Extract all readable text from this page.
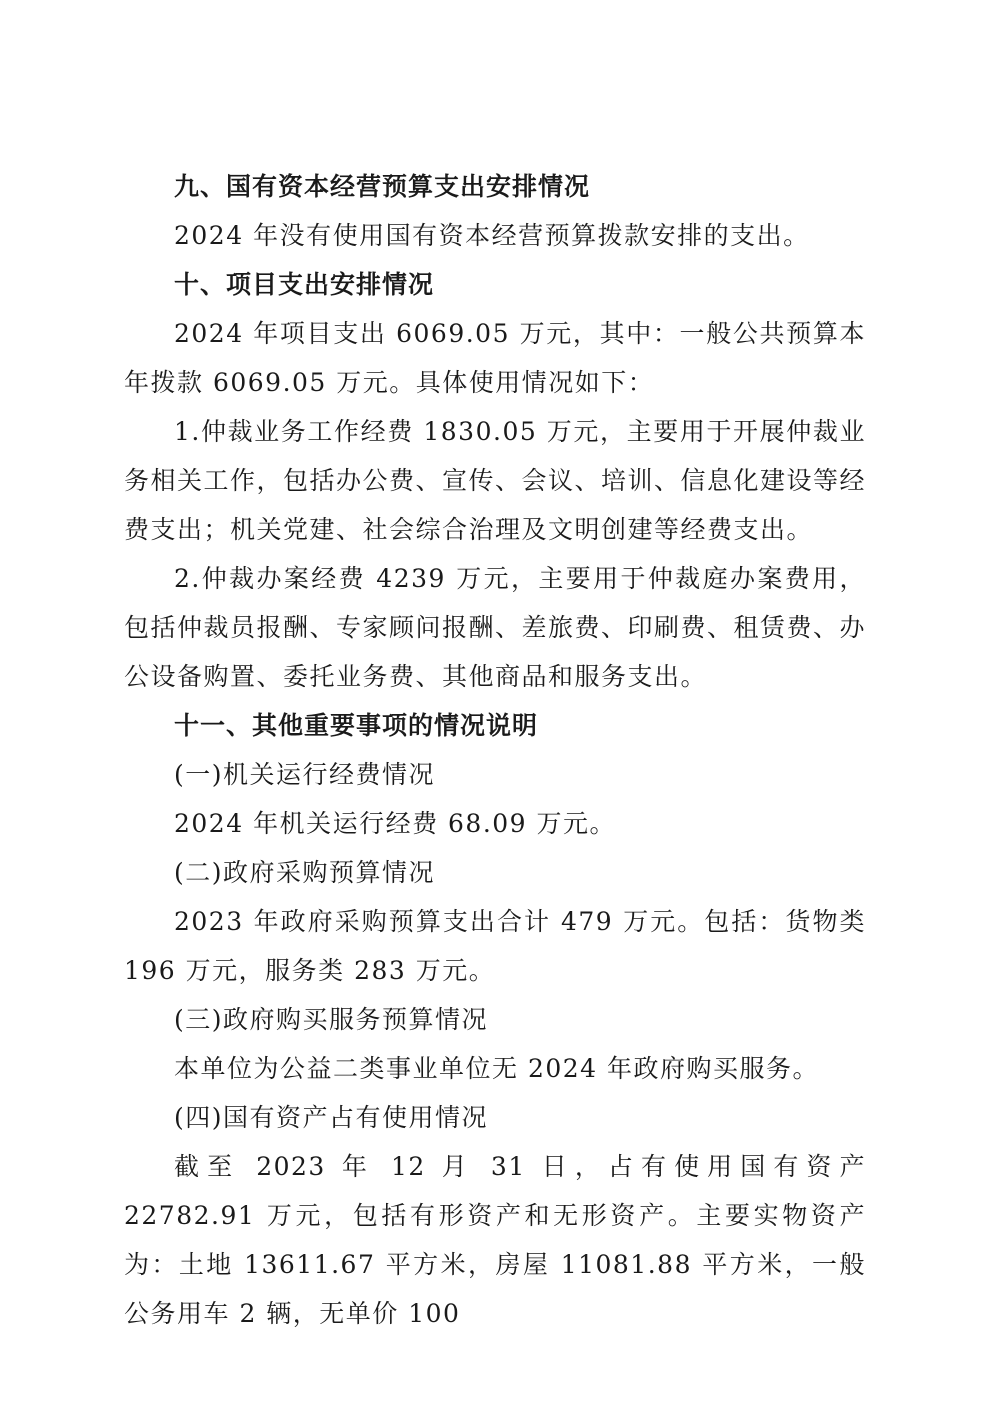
九、国有资本经营预算支出安排情况

2024 年没有使用国有资本经营预算拨款安排的支出。

十、项目支出安排情况

2024 年项目支出 6069.05 万元，其中：一般公共预算本年拨款 6069.05 万元。具体使用情况如下：

1.仲裁业务工作经费 1830.05 万元，主要用于开展仲裁业务相关工作，包括办公费、宣传、会议、培训、信息化建设等经费支出；机关党建、社会综合治理及文明创建等经费支出。

2.仲裁办案经费 4239 万元，主要用于仲裁庭办案费用，包括仲裁员报酬、专家顾问报酬、差旅费、印刷费、租赁费、办公设备购置、委托业务费、其他商品和服务支出。

十一、其他重要事项的情况说明

(一)机关运行经费情况

2024 年机关运行经费 68.09 万元。

(二)政府采购预算情况

2023 年政府采购预算支出合计 479 万元。包括：货物类 196 万元，服务类 283 万元。

(三)政府购买服务预算情况

本单位为公益二类事业单位无 2024 年政府购买服务。

(四)国有资产占有使用情况

截至 2023 年 12 月 31 日，占有使用国有资产 22782.91 万元，包括有形资产和无形资产。主要实物资产为：土地 13611.67 平方米，房屋 11081.88 平方米，一般公务用车 2 辆，无单价 100
